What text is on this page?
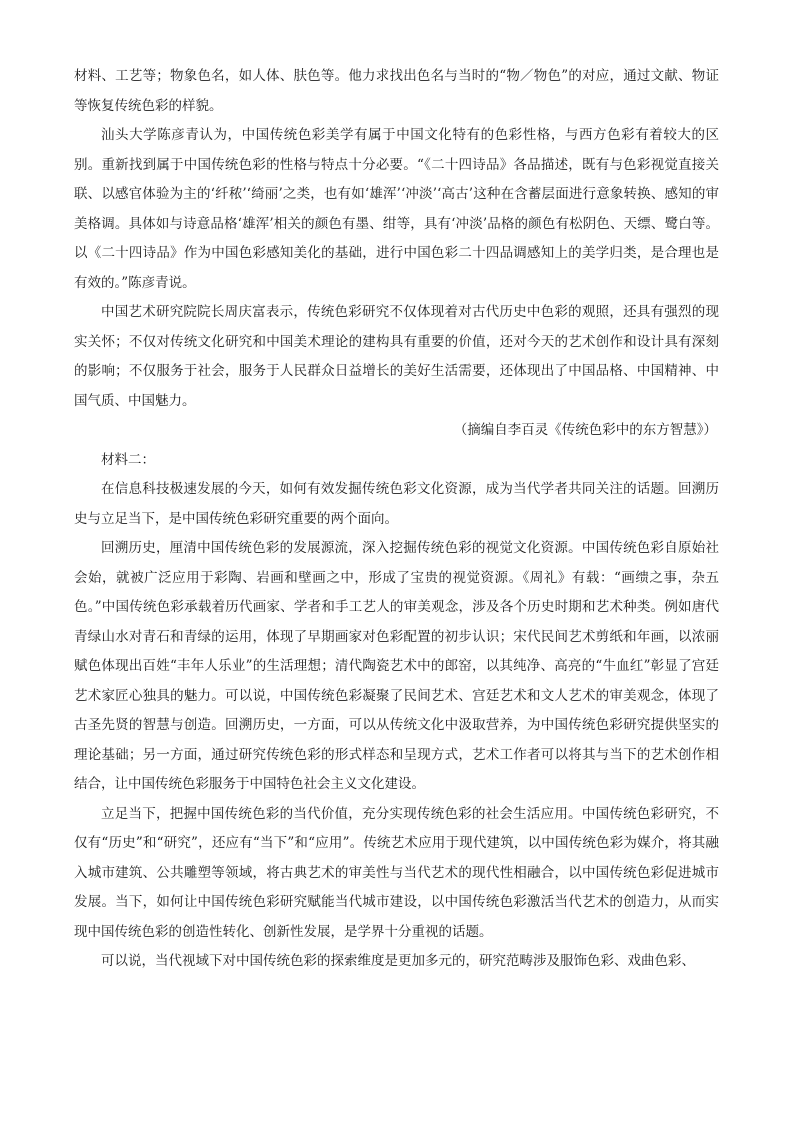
材料、工艺等；物象色名，如人体、肤色等。他力求找出色名与当时的“物／物色”的对应，通过文献、物证等恢复传统色彩的样貌。

汕头大学陈彦青认为，中国传统色彩美学有属于中国文化特有的色彩性格，与西方色彩有着较大的区别。重新找到属于中国传统色彩的性格与特点十分必要。“《二十四诗品》各品描述，既有与色彩视觉直接关联、以感官体验为主的‘纤秾’‘绮丽’之类，也有如‘雄浑’‘冲淡’‘高古’这种在含蓄层面进行意象转换、感知的审美格调。具体如与诗意品格‘雄浑’相关的颜色有墨、绀等，具有‘冲淡’品格的颜色有松阴色、天缥、鹭白等。以《二十四诗品》作为中国色彩感知美化的基础，进行中国色彩二十四品调感知上的美学归类，是合理也是有效的。”陈彦青说。

中国艺术研究院院长周庆富表示，传统色彩研究不仅体现着对古代历史中色彩的观照，还具有强烈的现实关怀；不仅对传统文化研究和中国美术理论的建构具有重要的价值，还对今天的艺术创作和设计具有深刻的影响；不仅服务于社会，服务于人民群众日益增长的美好生活需要，还体现出了中国品格、中国精神、中国气质、中国魅力。

（摘编自李百灵《传统色彩中的东方智慧》）

材料二：

在信息科技极速发展的今天，如何有效发掘传统色彩文化资源，成为当代学者共同关注的话题。回溯历史与立足当下，是中国传统色彩研究重要的两个面向。

回溯历史，厘清中国传统色彩的发展源流，深入挖掘传统色彩的视觉文化资源。中国传统色彩自原始社会始，就被广泛应用于彩陶、岩画和壁画之中，形成了宝贵的视觉资源。《周礼》有载：“画缋之事，杂五色。”中国传统色彩承载着历代画家、学者和手工艺人的审美观念，涉及各个历史时期和艺术种类。例如唐代青绿山水对青石和青绿的运用，体现了早期画家对色彩配置的初步认识；宋代民间艺术剪纸和年画，以浓丽赋色体现出百姓“丰年人乐业”的生活理想；清代陶瓷艺术中的郎窑，以其纯净、高亮的“牛血红”彰显了宫廷艺术家匠心独具的魅力。可以说，中国传统色彩凝聚了民间艺术、宫廷艺术和文人艺术的审美观念，体现了古圣先贤的智慧与创造。回溯历史，一方面，可以从传统文化中汲取营养，为中国传统色彩研究提供坚实的理论基础；另一方面，通过研究传统色彩的形式样态和呈现方式，艺术工作者可以将其与当下的艺术创作相结合，让中国传统色彩服务于中国特色社会主义文化建设。

立足当下，把握中国传统色彩的当代价值，充分实现传统色彩的社会生活应用。中国传统色彩研究，不仅有“历史”和“研究”，还应有“当下”和“应用”。传统艺术应用于现代建筑，以中国传统色彩为媒介，将其融入城市建筑、公共雕塑等领域，将古典艺术的审美性与当代艺术的现代性相融合，以中国传统色彩促进城市发展。当下，如何让中国传统色彩研究赋能当代城市建设，以中国传统色彩激活当代艺术的创造力，从而实现中国传统色彩的创造性转化、创新性发展，是学界十分重视的话题。

可以说，当代视域下对中国传统色彩的探索维度是更加多元的，研究范畴涉及服饰色彩、戏曲色彩、
